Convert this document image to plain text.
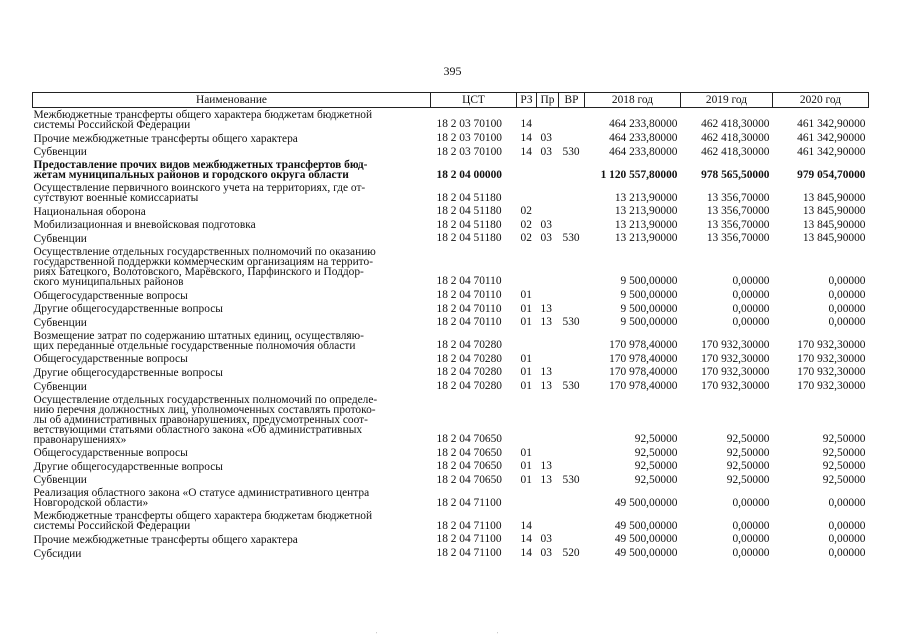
395
Наименование	ЦСТ	РЗ	Пр	ВР	2018 год	2019 год	2020 год

Межбюджетные трансферты общего характера бюджетам бюджетной
системы Российской Федерации	18 2 03 70100	14			464 233,80000	462 418,30000	461 342,90000

Прочие межбюджетные трансферты общего характера	18 2 03 70100	14	03		464 233,80000	462 418,30000	461 342,90000

Субвенции	18 2 03 70100	14	03	530	464 233,80000	462 418,30000	461 342,90000

Предоставление прочих видов межбюджетных трансфертов бюд-
жетам муниципальных районов и городского округа области	18 2 04 00000				1 120 557,80000	978 565,50000	979 054,70000

Осуществление первичного воинского учета на территориях, где от-
сутствуют военные комиссариаты	18 2 04 51180				13 213,90000	13 356,70000	13 845,90000

Национальная оборона	18 2 04 51180	02			13 213,90000	13 356,70000	13 845,90000

Мобилизационная и вневойсковая подготовка	18 2 04 51180	02	03		13 213,90000	13 356,70000	13 845,90000

Субвенции	18 2 04 51180	02	03	530	13 213,90000	13 356,70000	13 845,90000

Осуществление отдельных государственных полномочий по оказанию
государственной поддержки коммерческим организациям на террито-
риях Батецкого, Волотовского, Марёвского, Парфинского и Поддор-
ского муниципальных районов	18 2 04 70110				9 500,00000	0,00000	0,00000

Общегосударственные вопросы	18 2 04 70110	01			9 500,00000	0,00000	0,00000

Другие общегосударственные вопросы	18 2 04 70110	01	13		9 500,00000	0,00000	0,00000

Субвенции	18 2 04 70110	01	13	530	9 500,00000	0,00000	0,00000

Возмещение затрат по содержанию штатных единиц, осуществляю-
щих переданные отдельные государственные полномочия области	18 2 04 70280				170 978,40000	170 932,30000	170 932,30000

Общегосударственные вопросы	18 2 04 70280	01			170 978,40000	170 932,30000	170 932,30000

Другие общегосударственные вопросы	18 2 04 70280	01	13		170 978,40000	170 932,30000	170 932,30000

Субвенции	18 2 04 70280	01	13	530	170 978,40000	170 932,30000	170 932,30000

Осуществление отдельных государственных полномочий по определе-
нию перечня должностных лиц, уполномоченных составлять протоко-
лы об административных правонарушениях, предусмотренных соот-
ветствующими статьями областного закона «Об административных
правонарушениях»	18 2 04 70650				92,50000	92,50000	92,50000

Общегосударственные вопросы	18 2 04 70650	01			92,50000	92,50000	92,50000

Другие общегосударственные вопросы	18 2 04 70650	01	13		92,50000	92,50000	92,50000

Субвенции	18 2 04 70650	01	13	530	92,50000	92,50000	92,50000

Реализация областного закона «О статусе административного центра
Новгородской области»	18 2 04 71100				49 500,00000	0,00000	0,00000

Межбюджетные трансферты общего характера бюджетам бюджетной
системы Российской Федерации	18 2 04 71100	14			49 500,00000	0,00000	0,00000

Прочие межбюджетные трансферты общего характера	18 2 04 71100	14	03		49 500,00000	0,00000	0,00000

Субсидии	18 2 04 71100	14	03	520	49 500,00000	0,00000	0,00000
'	'
